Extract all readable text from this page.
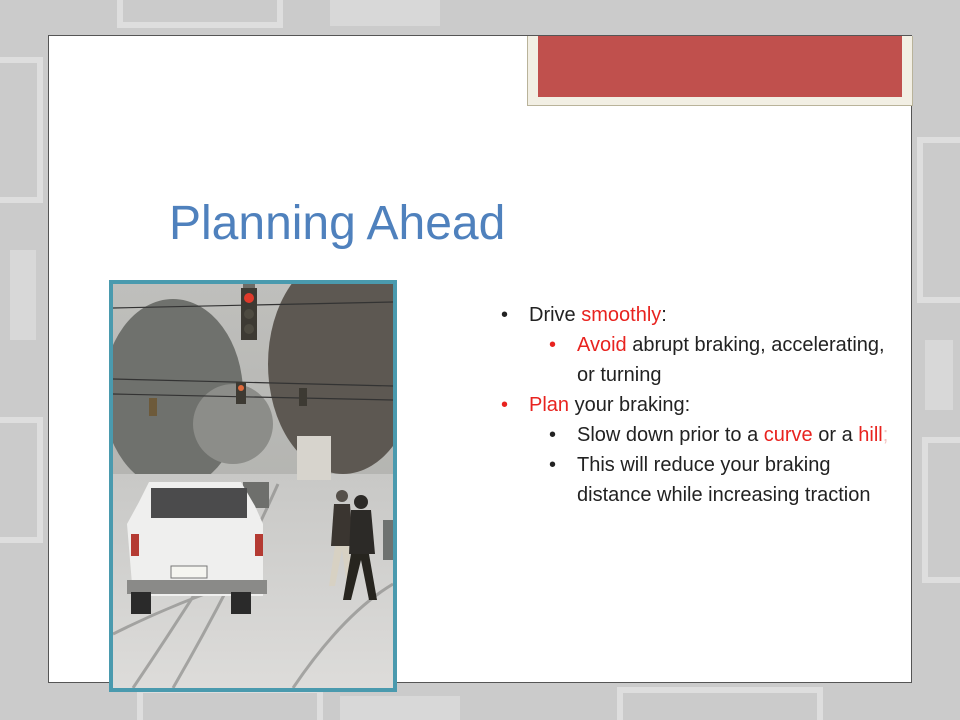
Planning Ahead
• Drive smoothly:
• Avoid abrupt braking, accelerating, or turning
• Plan your braking:
• Slow down prior to a curve or a hill;
• This will reduce your braking distance while increasing traction
